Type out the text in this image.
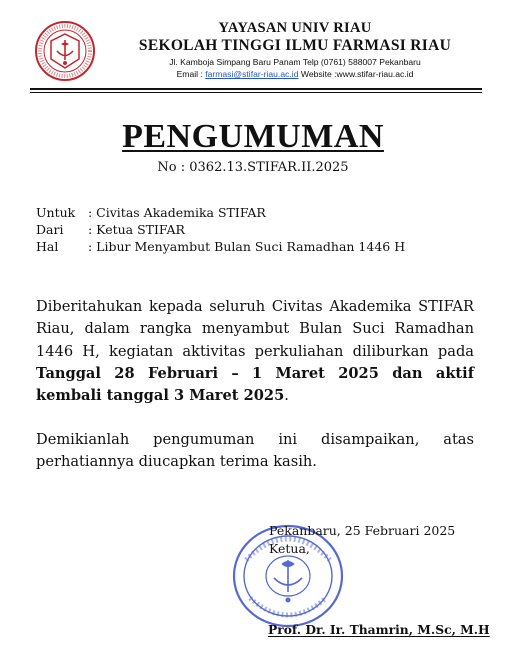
YAYASAN UNIV RIAU
SEKOLAH TINGGI ILMU FARMASI RIAU
Jl. Kamboja Simpang Baru Panam Telp (0761) 588007 Pekanbaru
Email : farmasi@stifar-riau.ac.id Website :www.stifar-riau.ac.id
PENGUMUMAN
No : 0362.13.STIFAR.II.2025
Untuk	: Civitas Akademika STIFAR
Dari	: Ketua STIFAR
Hal	: Libur Menyambut Bulan Suci Ramadhan 1446 H
Diberitahukan kepada seluruh Civitas Akademika STIFAR Riau, dalam rangka menyambut Bulan Suci Ramadhan 1446 H, kegiatan aktivitas perkuliahan diliburkan pada Tanggal 28 Februari – 1 Maret 2025 dan aktif kembali tanggal 3 Maret 2025.
Demikianlah pengumuman ini disampaikan, atas perhatiannya diucapkan terima kasih.
Pekanbaru, 25 Februari 2025
Ketua,
Prof. Dr. Ir. Thamrin, M.Sc, M.H
